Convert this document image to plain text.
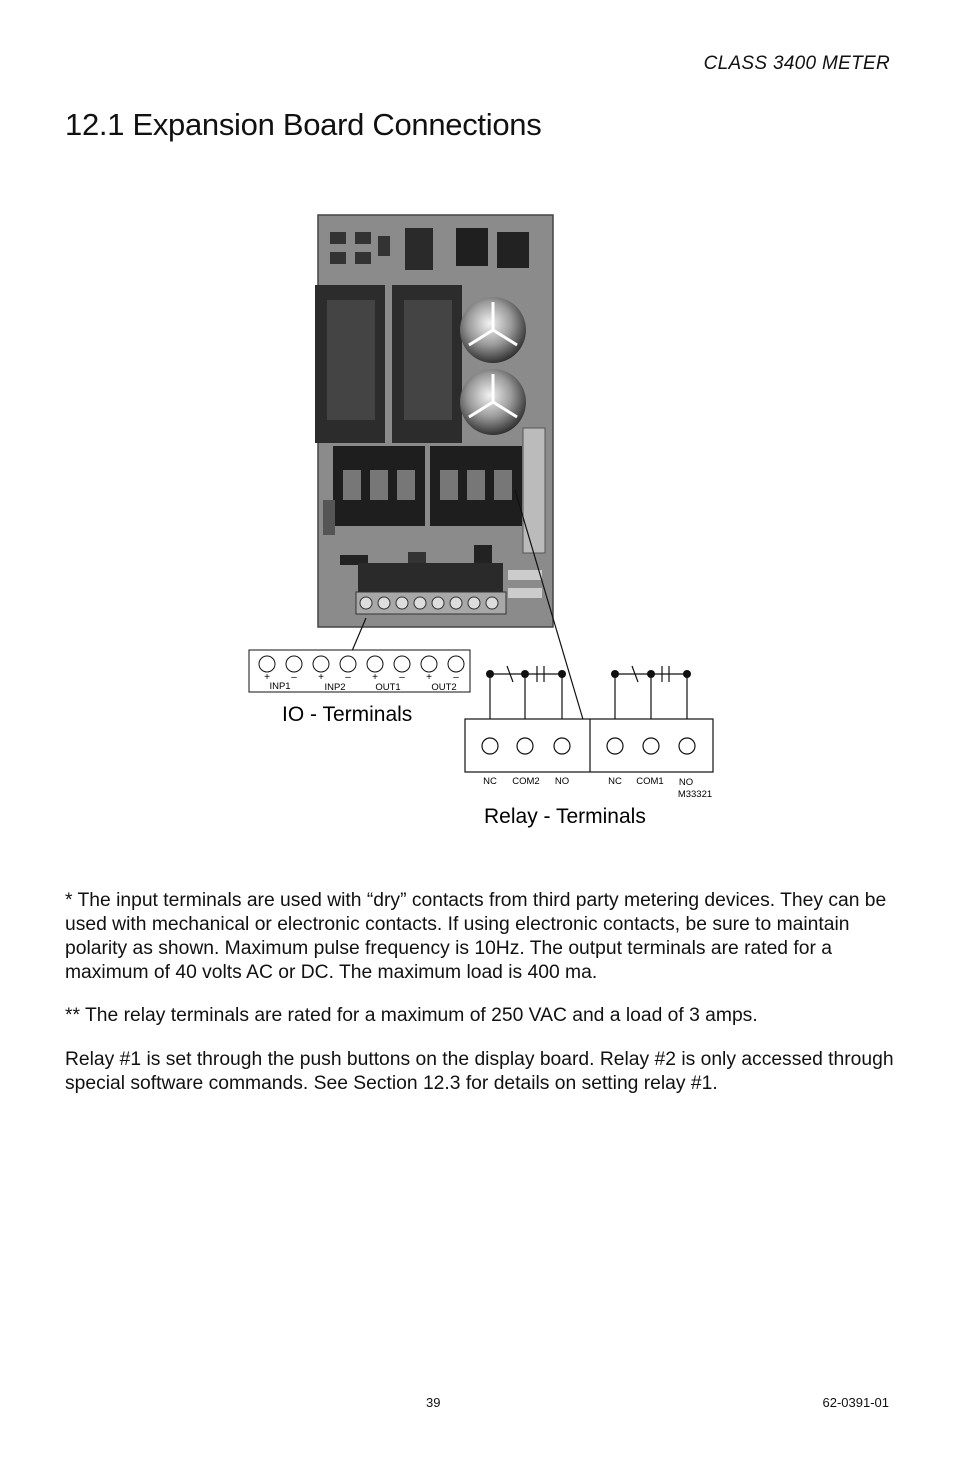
CLASS 3400 METER
12.1 Expansion Board Connections
+ – + – + – + –
INP1	INP2	OUT1	OUT2
IO - Terminals
NC COM2 NO	NC COM1 NO
M33321
Relay - Terminals

* The input terminals are used with “dry” contacts from third party metering devices. They can be used with mechanical or electronic contacts. If using electronic contacts, be sure to maintain polarity as shown. Maximum pulse frequency is 10Hz. The output terminals are rated for a maximum of 40 volts AC or DC. The maximum load is 400 ma.

** The relay terminals are rated for a maximum of 250 VAC and a load of 3 amps.

Relay #1 is set through the push buttons on the display board. Relay #2 is only accessed through special software commands. See Section 12.3 for details on setting relay #1.

39	62-0391-01
